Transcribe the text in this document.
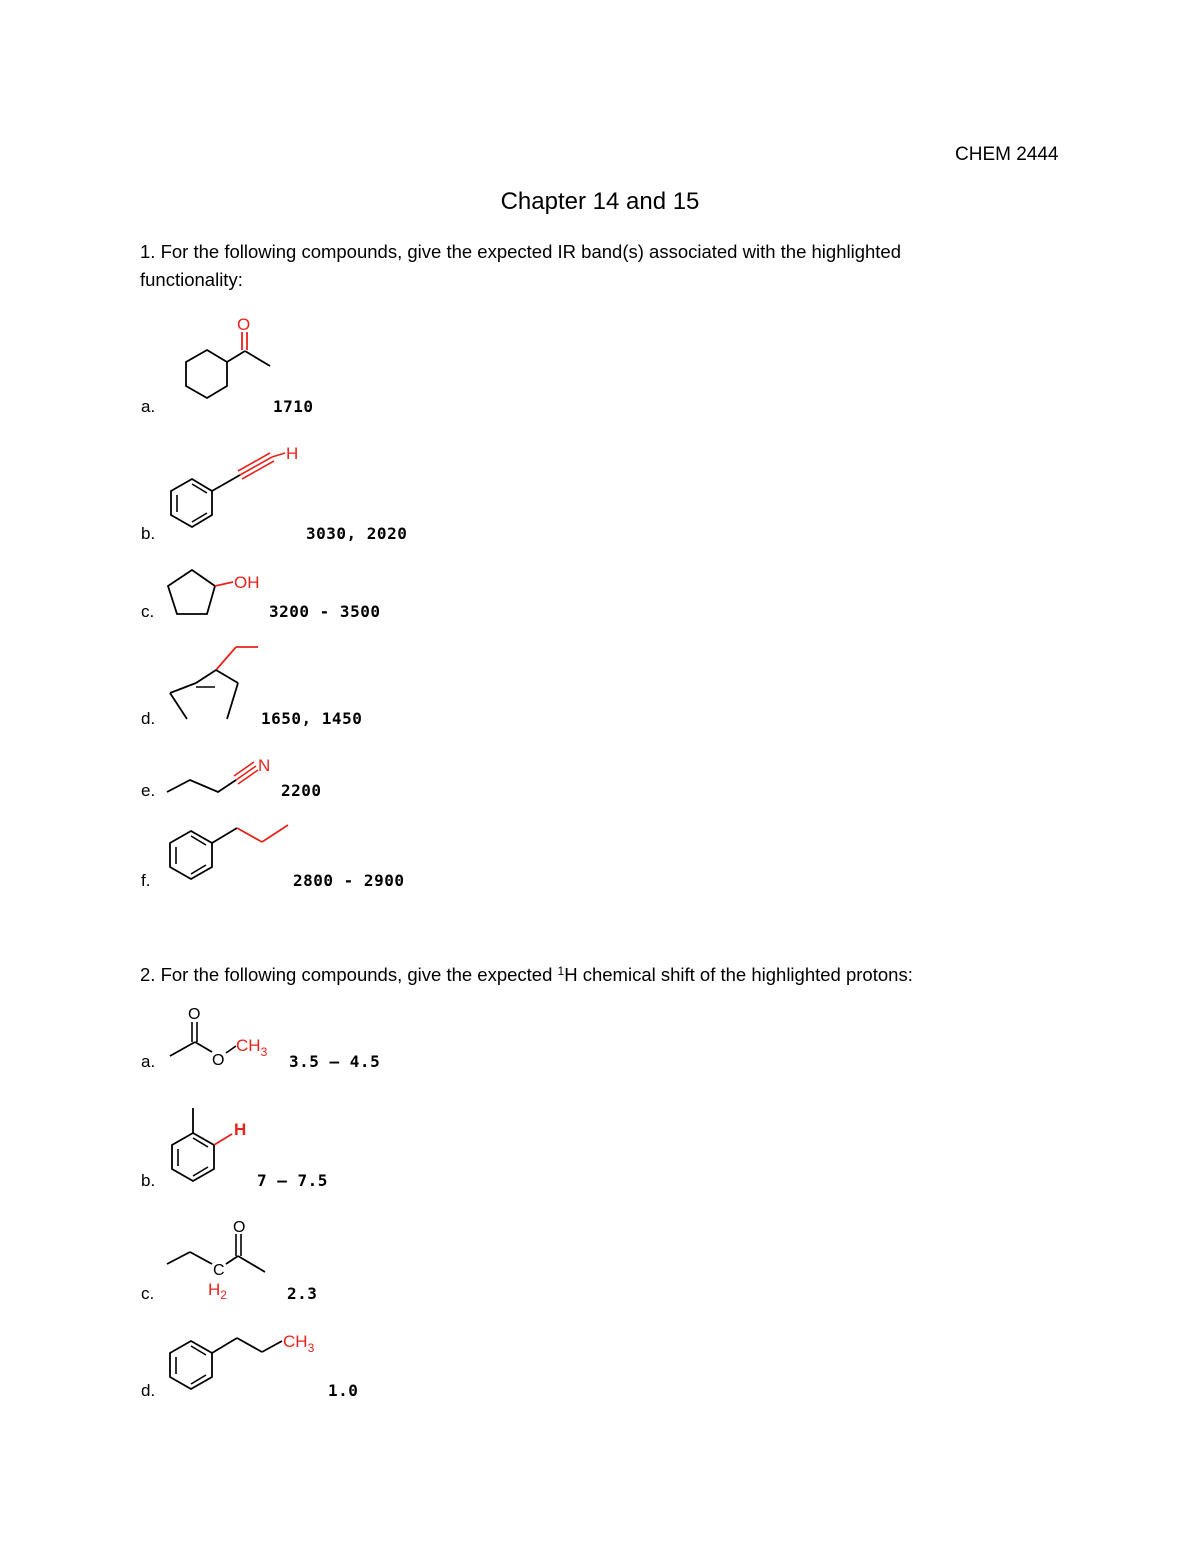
CHEM 2444
Chapter 14 and 15
1. For the following compounds, give the expected IR band(s) associated with the highlighted functionality:
a.
O
1710
b.
H
3030, 2020
c.
OH
3200 - 3500
d.	1650, 1450
e.
N
2200
f.	2800 - 2900
2. For the following compounds, give the expected $^1$H chemical shift of the highlighted protons:
a.
O
O
$CH_3$ 3.5 – 4.5
b.
H
7 – 7.5
c.
O
C
$H_2$	2.3
d.
$CH_3$
1.0
